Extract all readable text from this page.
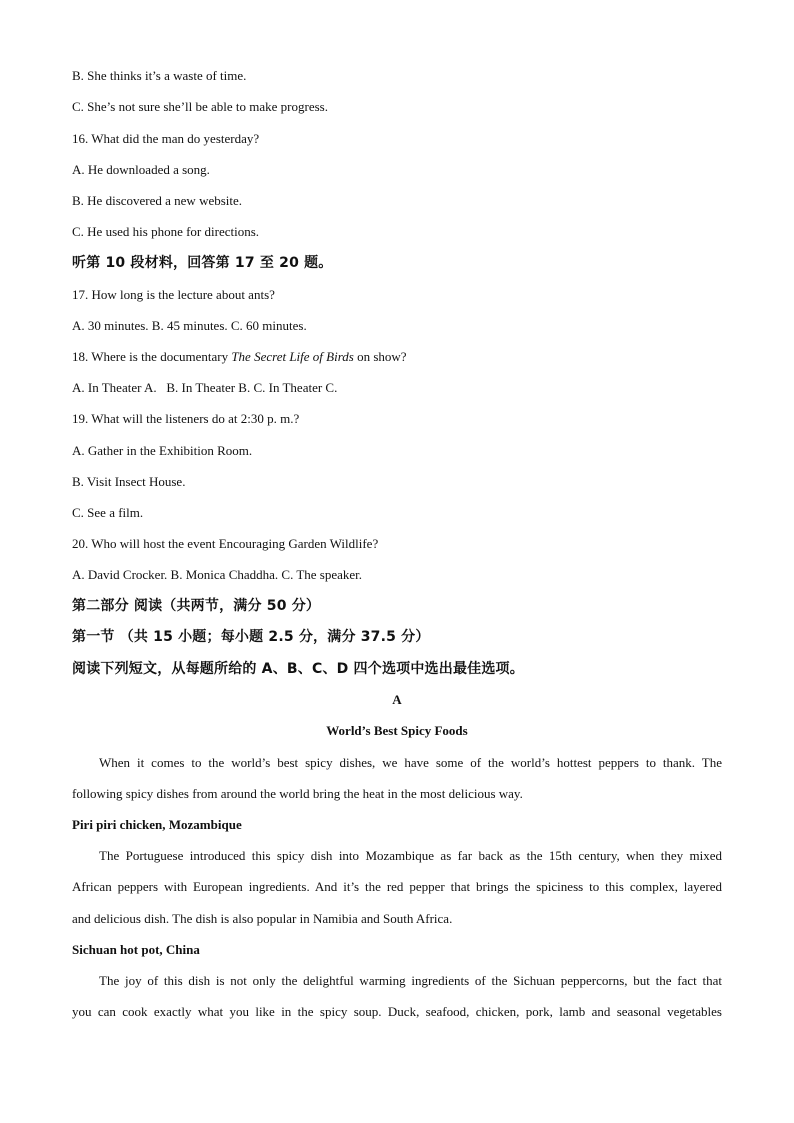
B. She thinks it’s a waste of time.
C. She’s not sure she’ll be able to make progress.
16. What did the man do yesterday?
A. He downloaded a song.
B. He discovered a new website.
C. He used his phone for directions.
听第 10 段材料，回答第 17 至 20 题。
17. How long is the lecture about ants?
A. 30 minutes. B. 45 minutes. C. 60 minutes.
18. Where is the documentary The Secret Life of Birds on show?
A. In Theater A.   B. In Theater B. C. In Theater C.
19. What will the listeners do at 2:30 p. m.?
A. Gather in the Exhibition Room.
B. Visit Insect House.
C. See a film.
20. Who will host the event Encouraging Garden Wildlife?
A. David Crocker. B. Monica Chaddha. C. The speaker.
第二部分 阅读（共两节，满分 50 分）
第一节 （共 15 小题；每小题 2.5 分，满分 37.5 分）
阅读下列短文，从每题所给的 A、B、C、D 四个选项中选出最佳选项。
A
World’s Best Spicy Foods
When it comes to the world’s best spicy dishes, we have some of the world’s hottest peppers to thank. The
following spicy dishes from around the world bring the heat in the most delicious way.
Piri piri chicken, Mozambique
The Portuguese introduced this spicy dish into Mozambique as far back as the 15th century, when they mixed
African peppers with European ingredients. And it’s the red pepper that brings the spiciness to this complex, layered
and delicious dish. The dish is also popular in Namibia and South Africa.
Sichuan hot pot, China
The joy of this dish is not only the delightful warming ingredients of the Sichuan peppercorns, but the fact that
you can cook exactly what you like in the spicy soup. Duck, seafood, chicken, pork, lamb and seasonal vegetables
